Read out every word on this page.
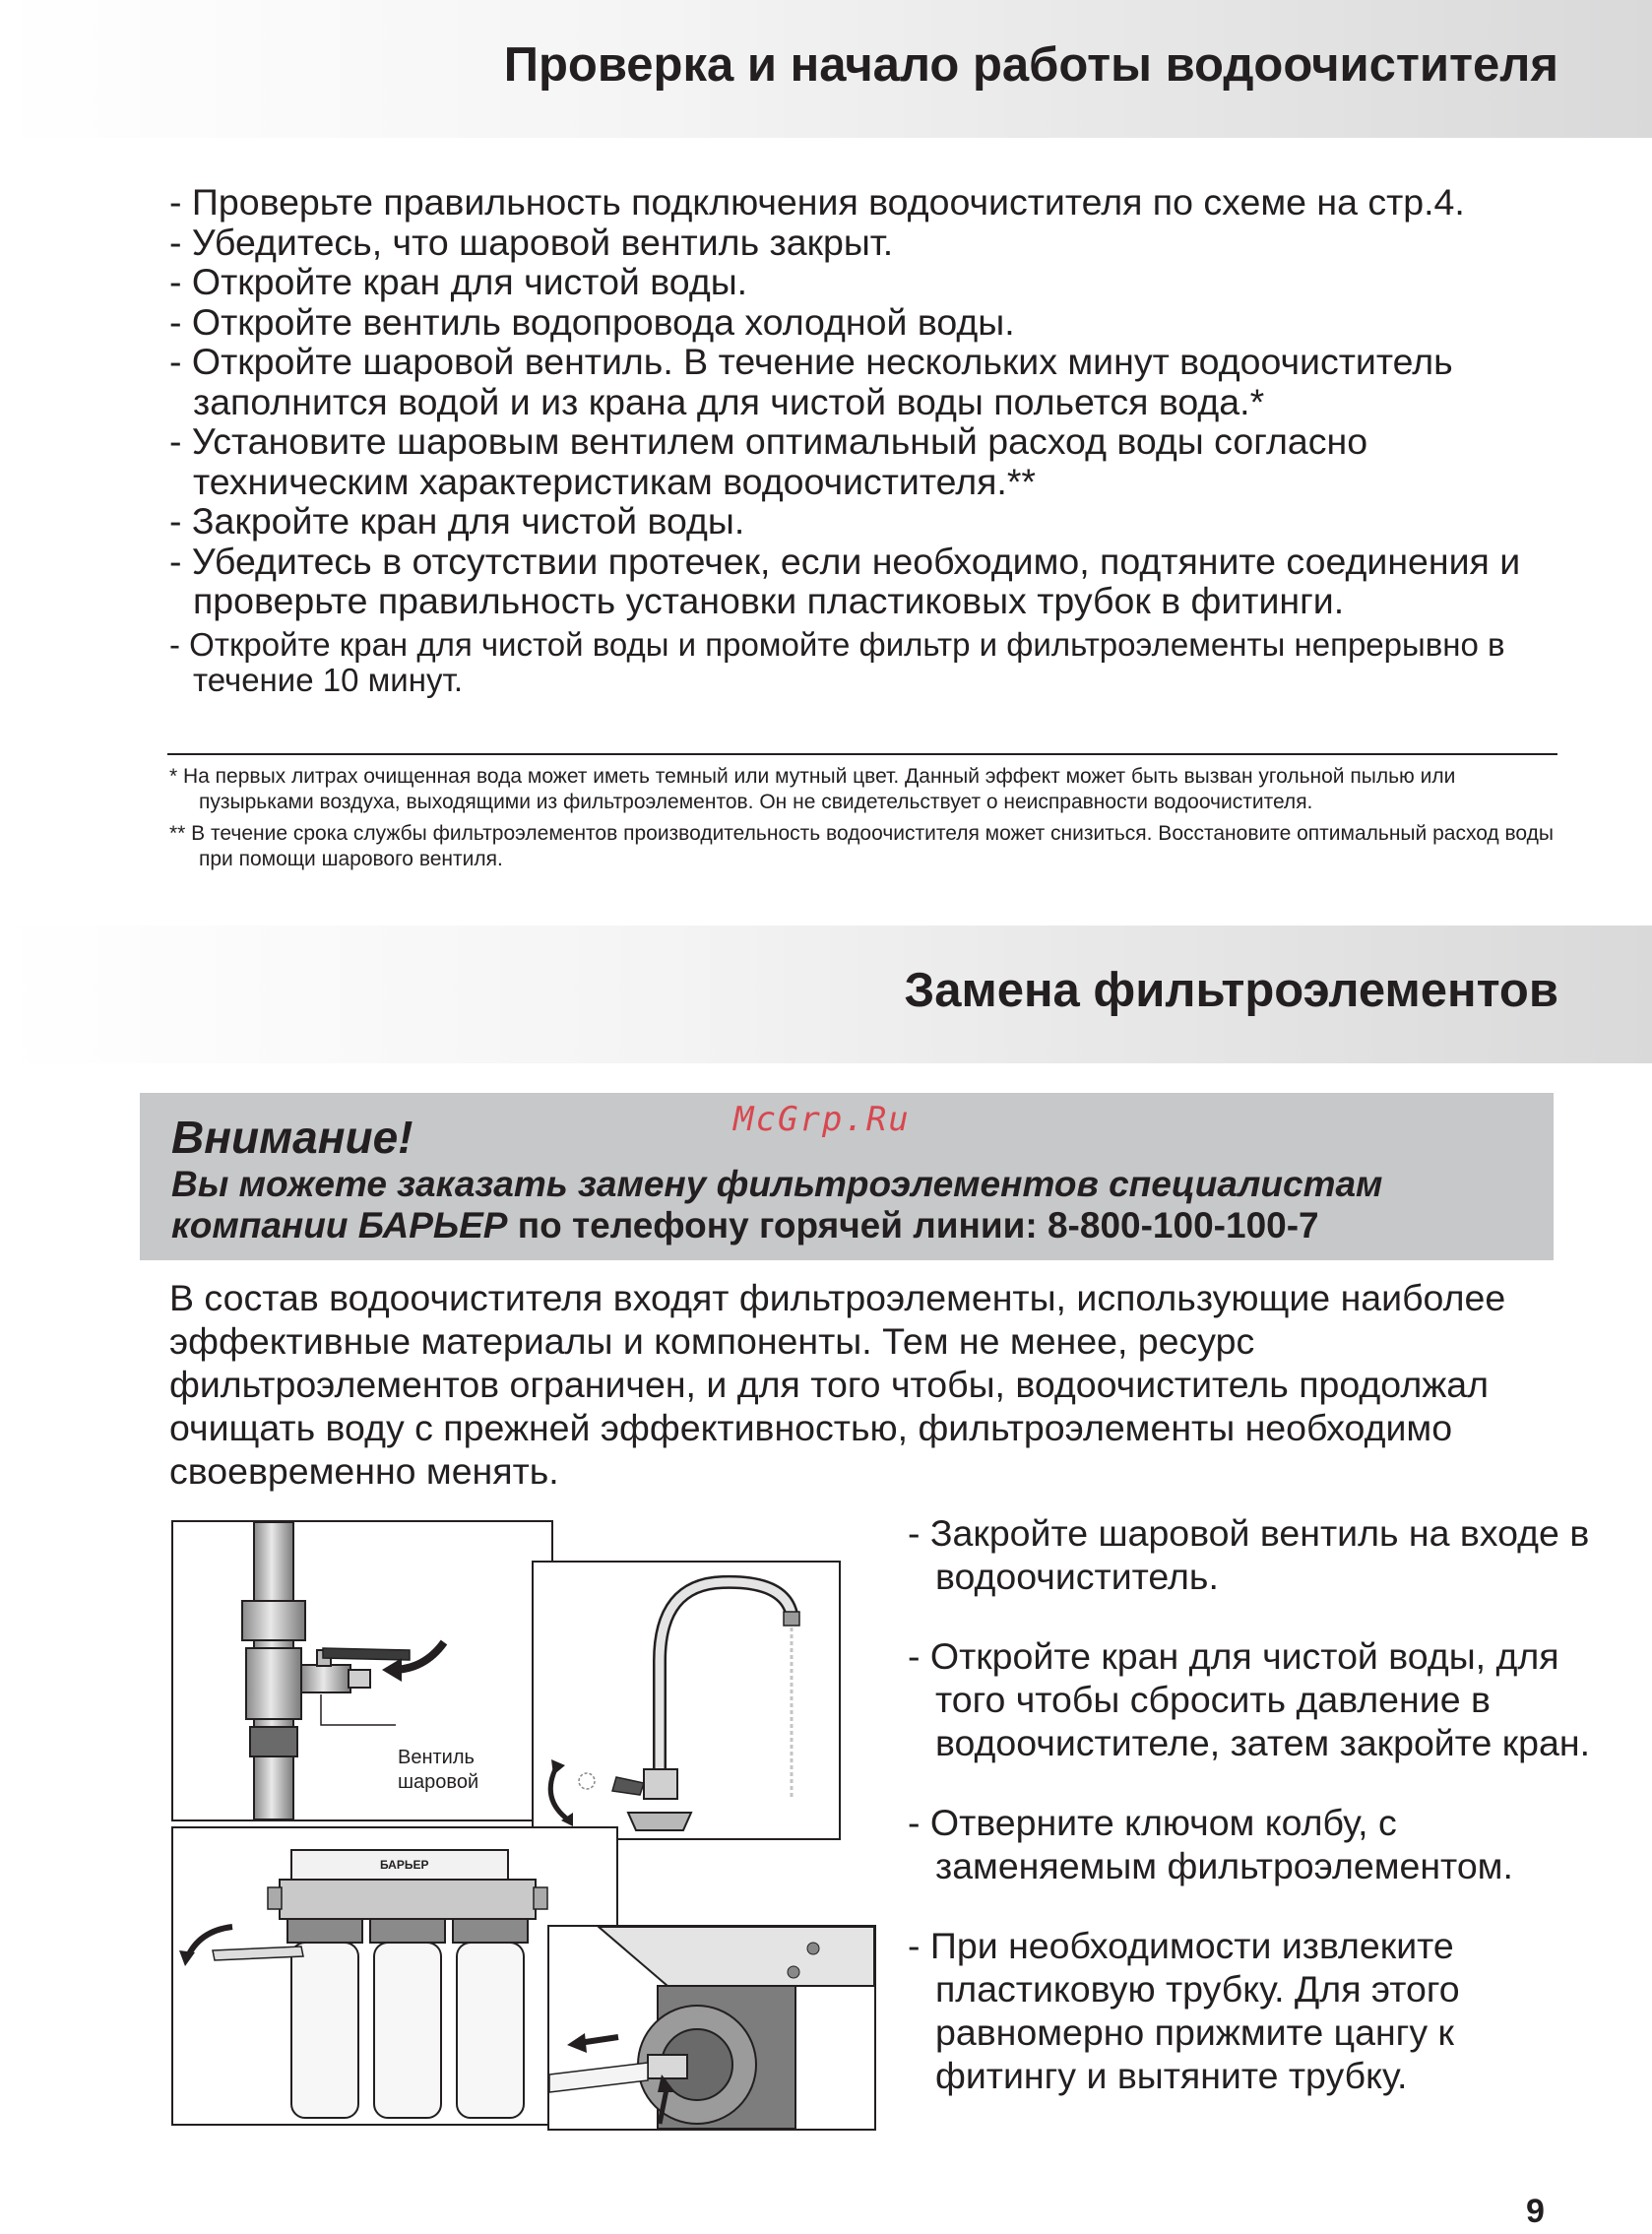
Проверка и начало работы водоочистителя
- Проверьте правильность подключения водоочистителя по схеме на стр.4.
- Убедитесь, что шаровой вентиль закрыт.
- Откройте кран для чистой воды.
- Откройте вентиль водопровода холодной воды.
- Откройте шаровой вентиль. В течение нескольких минут водоочиститель заполнится водой и из крана для чистой воды польется вода.*
- Установите шаровым вентилем оптимальный расход воды согласно техническим характеристикам водоочистителя.**
- Закройте кран для чистой воды.
- Убедитесь в отсутствии протечек, если необходимо, подтяните соединения и проверьте правильность установки пластиковых трубок в фитинги.
- Откройте кран для чистой воды и промойте фильтр и фильтроэлементы непрерывно в течение 10 минут.

* На первых литрах очищенная вода может иметь темный или мутный цвет. Данный эффект может быть вызван угольной пылью или пузырьками воздуха, выходящими из фильтроэлементов. Он не свидетельствует о неисправности водоочистителя.

** В течение срока службы фильтроэлементов производительность водоочистителя может снизиться. Восстановите оптимальный расход воды при помощи шарового вентиля.

Замена фильтроэлементов
Внимание!
Вы можете заказать замену фильтроэлементов специалистам
компании БАРЬЕР по телефону горячей линии: 8-800-100-100-7
McGrp.Ru

В состав водоочистителя входят фильтроэлементы, использующие наиболее эффективные материалы и компоненты. Тем не менее, ресурс фильтроэлементов ограничен, и для того чтобы, водоочиститель продолжал очищать воду с прежней эффективностью, фильтроэлементы необходимо своевременно менять.

- Закройте шаровой вентиль на входе в водоочиститель.
- Откройте кран для чистой воды, для того чтобы сбросить давление в водоочистителе, затем закройте кран.
- Отверните ключом колбу, с заменяемым фильтроэлементом.
- При необходимости извлеките пластиковую трубку. Для этого равномерно прижмите цангу к фитингу и вытяните трубку.
Вентиль
шаровой
БАРЬЕР
9
